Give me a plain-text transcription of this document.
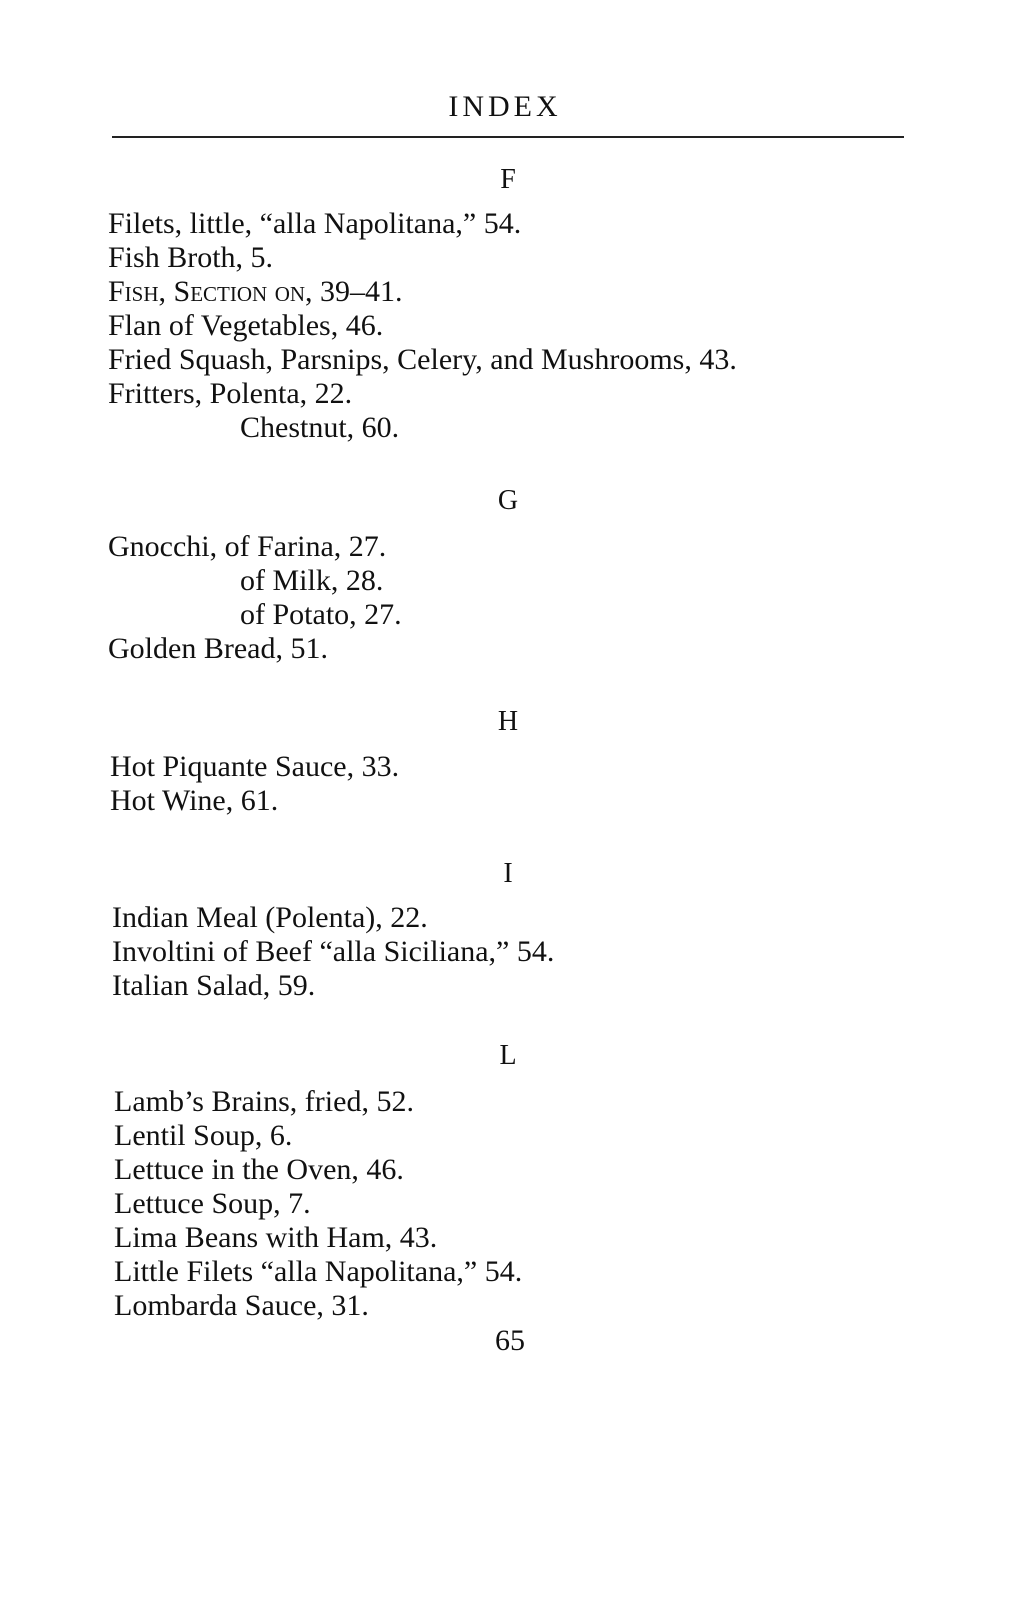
INDEX
F
Filets, little, “alla Napolitana,” 54.
Fish Broth, 5.
Fish, Section on, 39–41.
Flan of Vegetables, 46.
Fried Squash, Parsnips, Celery, and Mushrooms, 43.
Fritters, Polenta, 22.
Chestnut, 60.
G
Gnocchi, of Farina, 27.
of Milk, 28.
of Potato, 27.
Golden Bread, 51.
H
Hot Piquante Sauce, 33.
Hot Wine, 61.
I
Indian Meal (Polenta), 22.
Involtini of Beef “alla Siciliana,” 54.
Italian Salad, 59.
L
Lamb’s Brains, fried, 52.
Lentil Soup, 6.
Lettuce in the Oven, 46.
Lettuce Soup, 7.
Lima Beans with Ham, 43.
Little Filets “alla Napolitana,” 54.
Lombarda Sauce, 31.
65
